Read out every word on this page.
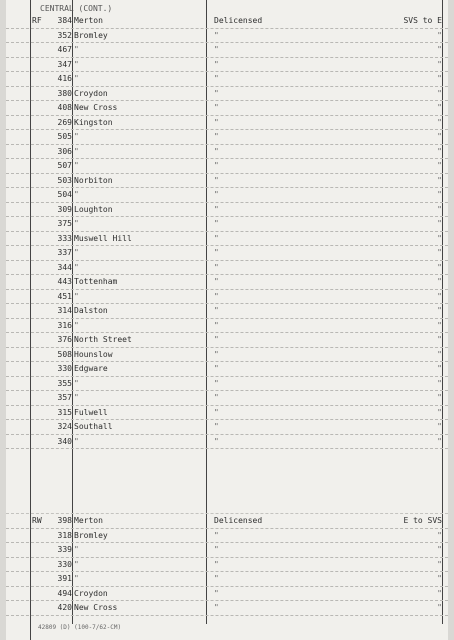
CENTRAL (CONT.)
RF	384 Merton	Delicensed	SVS to E
352 Bromley	"	"
467 "	"	"
347 "	"	"
416 "	"	"
380 Croydon	"	"
408 New Cross	"	"
269 Kingston	"	"
505 "	"	"
306 "	"	"
507 "	"	"
503 Norbiton	"	"
504 "	"	"
309 Loughton	"	"
375 "	"	"
333 Muswell Hill	"	"
337 "	"	"
344 "	"	"
443 Tottenham	"	"
451 "	"	"
314 Dalston	"	"
316 "	"	"
376 North Street	"	"
508 Hounslow	"	"
330 Edgware	"	"
355 "	"	"
357 "	"	"
315 Fulwell	"	"
324 Southall	"	"
340 "	"	"
RW	398 Merton	Delicensed	E to SVS
318 Bromley	"	"
339 "	"	"
330 "	"	"
391 "	"	"
494 Croydon	"	"
420 New Cross	"	"
42809 (D) (100-7/62-CM)
